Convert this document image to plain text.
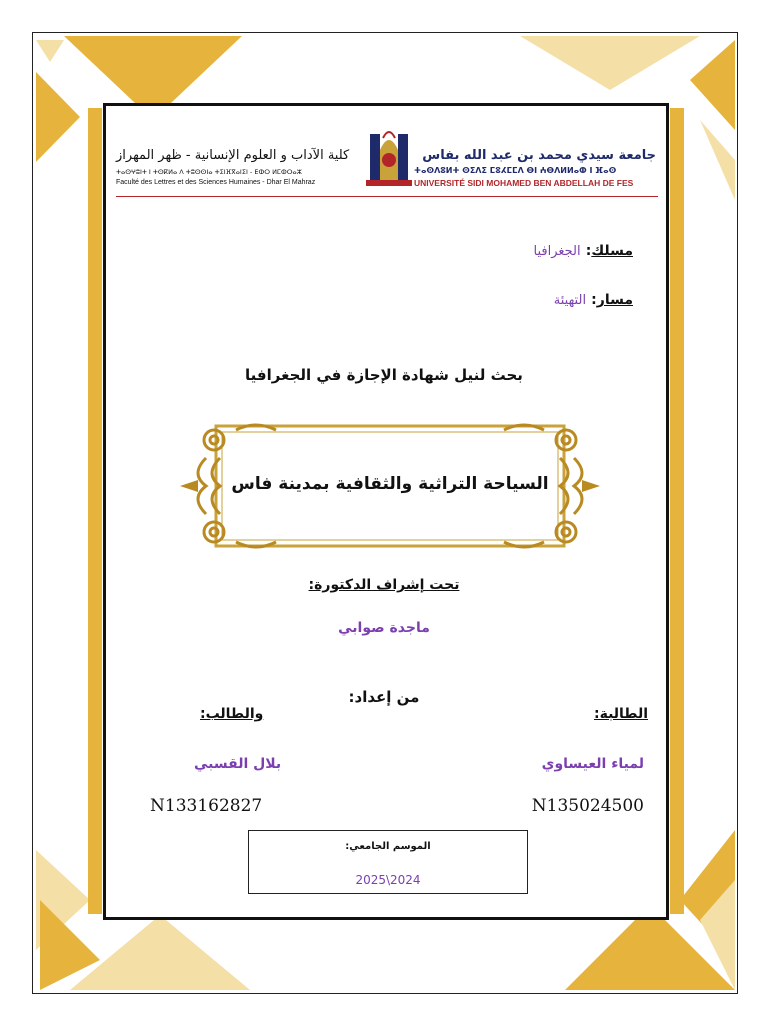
جامعة سيدي محمد بن عبد الله بفاس
ⵜⴰⵙⴷⵓⵍⵜ ⵙⵉⴷⵉ ⵎⵓⵃⵎⵎⴷ ⴱⵏ ⵄⴱⴷⵍⵍⴰⵀ ⵏ ⴼⴰⵙ
UNIVERSITÉ SIDI MOHAMED BEN ABDELLAH DE FES
كلية الآداب و العلوم الإنسانية - ظهر المهراز
ⵜⴰⵙⵖⵓⵏⵜ ⵏ ⵜⵙⴽⵍⴰ ⴷ ⵜⵓⵙⵙⵏⴰ ⵜⵉⵏⴼⴳⴰⵏⵉⵏ - ⴹⵀⵔ ⵍⵎⵀⵔⴰⵣ
Faculté des Lettres et des Sciences Humaines - Dhar El Mahraz
مسلك: الجغرافيا
مسار: التهيئة
بحث لنيل شهادة الإجازة في الجغرافيا
السياحة التراثية والثقافية بمدينة فاس
تحت إشراف الدكتورة:
ماجدة صوابي
من إعداد:
الطالبة:
والطالب:
لمياء العيساوي
بلال القسبي
N135024500
N133162827
الموسم الجامعي:
2025\2024
